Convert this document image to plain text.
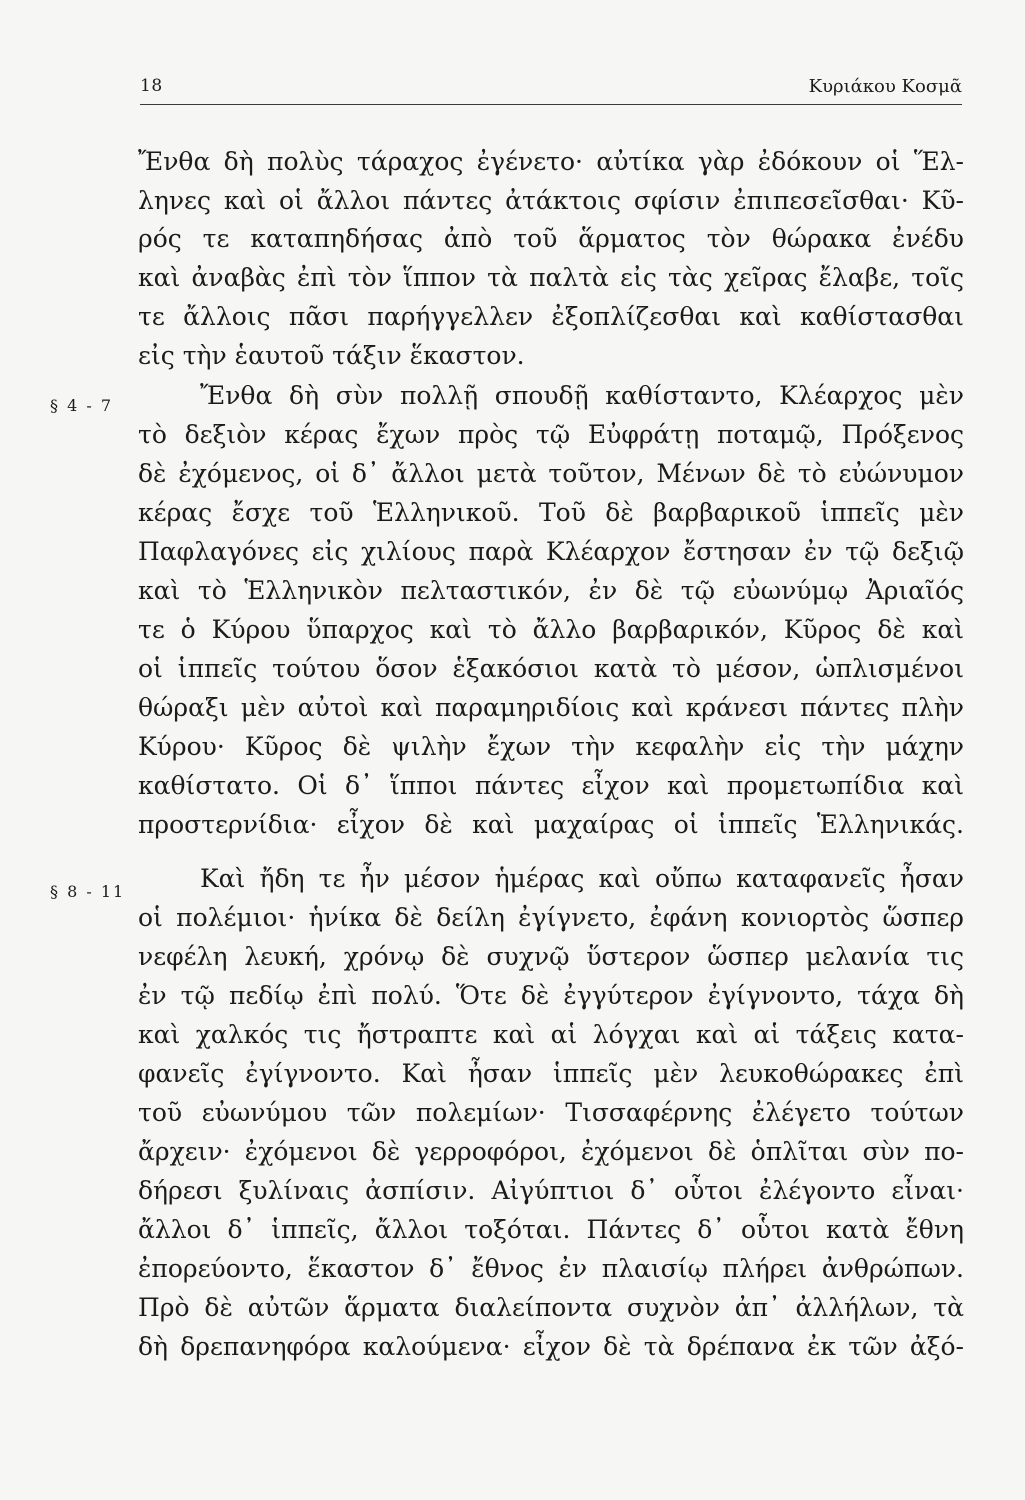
18	Κυριάκου Κοσμᾶ
§ 4 - 7
§ 8 - 11
Ἔνθα δὴ πολὺς τάραχος ἐγένετο· αὐτίκα γὰρ ἐδόκουν οἱ Ἕλ-
ληνες καὶ οἱ ἄλλοι πάντες ἀτάκτοις σφίσιν ἐπιπεσεῖσθαι· Κῦ-
ρός τε καταπηδήσας ἀπὸ τοῦ ἅρματος τὸν θώρακα ἐνέδυ
καὶ ἀναβὰς ἐπὶ τὸν ἵππον τὰ παλτὰ εἰς τὰς χεῖρας ἔλαβε, τοῖς
τε ἄλλοις πᾶσι παρήγγελλεν ἐξοπλίζεσθαι καὶ καθίστασθαι
εἰς τὴν ἑαυτοῦ τάξιν ἕκαστον.
Ἔνθα δὴ σὺν πολλῇ σπουδῇ καθίσταντο, Κλέαρχος μὲν
τὸ δεξιὸν κέρας ἔχων πρὸς τῷ Εὐφράτῃ ποταμῷ, Πρόξενος
δὲ ἐχόμενος, οἱ δ᾽ ἄλλοι μετὰ τοῦτον, Μένων δὲ τὸ εὐώνυμον
κέρας ἔσχε τοῦ Ἑλληνικοῦ. Τοῦ δὲ βαρβαρικοῦ ἱππεῖς μὲν
Παφλαγόνες εἰς χιλίους παρὰ Κλέαρχον ἔστησαν ἐν τῷ δεξιῷ
καὶ τὸ Ἑλληνικὸν πελταστικόν, ἐν δὲ τῷ εὐωνύμῳ Ἀριαῖός
τε ὁ Κύρου ὕπαρχος καὶ τὸ ἄλλο βαρβαρικόν, Κῦρος δὲ καὶ
οἱ ἱππεῖς τούτου ὅσον ἑξακόσιοι κατὰ τὸ μέσον, ὡπλισμένοι
θώραξι μὲν αὐτοὶ καὶ παραμηριδίοις καὶ κράνεσι πάντες πλὴν
Κύρου· Κῦρος δὲ ψιλὴν ἔχων τὴν κεφαλὴν εἰς τὴν μάχην
καθίστατο. Οἱ δ᾽ ἵπποι πάντες εἶχον καὶ προμετωπίδια καὶ
προστερνίδια· εἶχον δὲ καὶ μαχαίρας οἱ ἱππεῖς Ἑλληνικάς.
Καὶ ἤδη τε ἦν μέσον ἡμέρας καὶ οὔπω καταφανεῖς ἦσαν
οἱ πολέμιοι· ἡνίκα δὲ δείλη ἐγίγνετο, ἐφάνη κονιορτὸς ὥσπερ
νεφέλη λευκή, χρόνῳ δὲ συχνῷ ὕστερον ὥσπερ μελανία τις
ἐν τῷ πεδίῳ ἐπὶ πολύ. Ὅτε δὲ ἐγγύτερον ἐγίγνοντο, τάχα δὴ
καὶ χαλκός τις ἤστραπτε καὶ αἱ λόγχαι καὶ αἱ τάξεις κατα-
φανεῖς ἐγίγνοντο. Καὶ ἦσαν ἱππεῖς μὲν λευκοθώρακες ἐπὶ
τοῦ εὐωνύμου τῶν πολεμίων· Τισσαφέρνης ἐλέγετο τούτων
ἄρχειν· ἐχόμενοι δὲ γερροφόροι, ἐχόμενοι δὲ ὁπλῖται σὺν πο-
δήρεσι ξυλίναις ἀσπίσιν. Αἰγύπτιοι δ᾽ οὗτοι ἐλέγοντο εἶναι·
ἄλλοι δ᾽ ἱππεῖς, ἄλλοι τοξόται. Πάντες δ᾽ οὗτοι κατὰ ἔθνη
ἐπορεύοντο, ἕκαστον δ᾽ ἔθνος ἐν πλαισίῳ πλήρει ἀνθρώπων.
Πρὸ δὲ αὐτῶν ἅρματα διαλείποντα συχνὸν ἀπ᾽ ἀλλήλων, τὰ
δὴ δρεπανηφόρα καλούμενα· εἶχον δὲ τὰ δρέπανα ἐκ τῶν ἀξό-
